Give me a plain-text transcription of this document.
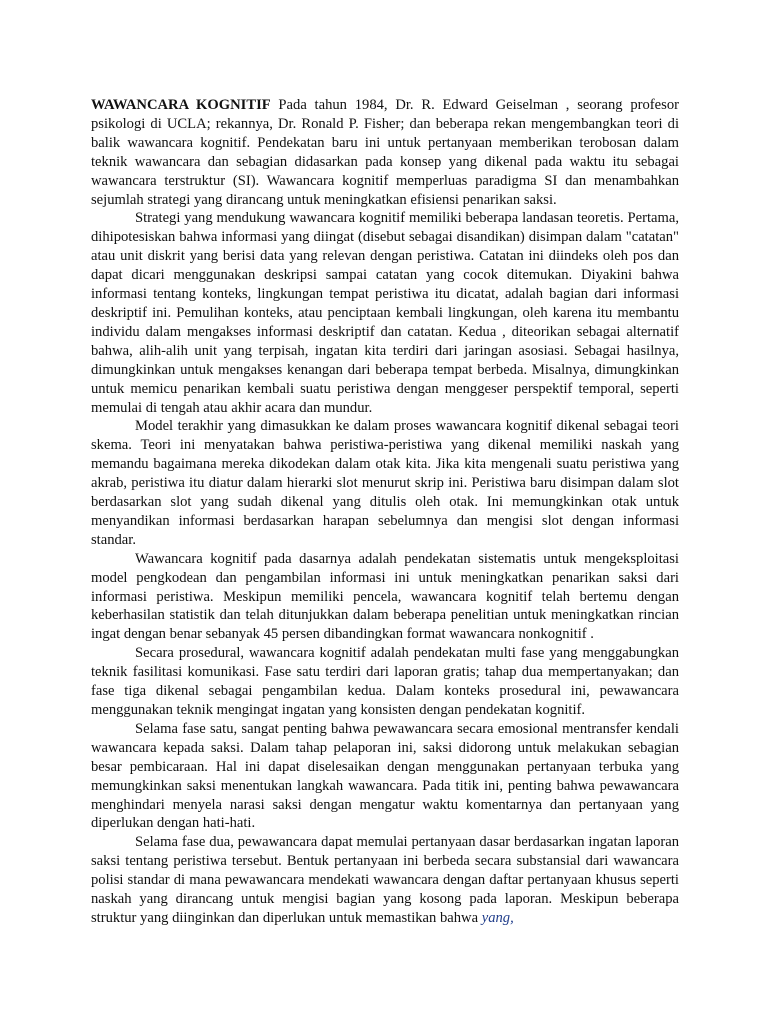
WAWANCARA KOGNITIF Pada tahun 1984, Dr. R. Edward Geiselman , seorang profesor psikologi di UCLA; rekannya, Dr. Ronald P. Fisher; dan beberapa rekan mengembangkan teori di balik wawancara kognitif. Pendekatan baru ini untuk pertanyaan memberikan terobosan dalam teknik wawancara dan sebagian didasarkan pada konsep yang dikenal pada waktu itu sebagai wawancara terstruktur (SI). Wawancara kognitif memperluas paradigma SI dan menambahkan sejumlah strategi yang dirancang untuk meningkatkan efisiensi penarikan saksi.

Strategi yang mendukung wawancara kognitif memiliki beberapa landasan teoretis. Pertama, dihipotesiskan bahwa informasi yang diingat (disebut sebagai disandikan) disimpan dalam "catatan" atau unit diskrit yang berisi data yang relevan dengan peristiwa. Catatan ini diindeks oleh pos dan dapat dicari menggunakan deskripsi sampai catatan yang cocok ditemukan. Diyakini bahwa informasi tentang konteks, lingkungan tempat peristiwa itu dicatat, adalah bagian dari informasi deskriptif ini. Pemulihan konteks, atau penciptaan kembali lingkungan, oleh karena itu membantu individu dalam mengakses informasi deskriptif dan catatan. Kedua , diteorikan sebagai alternatif bahwa, alih-alih unit yang terpisah, ingatan kita terdiri dari jaringan asosiasi. Sebagai hasilnya, dimungkinkan untuk mengakses kenangan dari beberapa tempat berbeda. Misalnya, dimungkinkan untuk memicu penarikan kembali suatu peristiwa dengan menggeser perspektif temporal, seperti memulai di tengah atau akhir acara dan mundur.

Model terakhir yang dimasukkan ke dalam proses wawancara kognitif dikenal sebagai teori skema. Teori ini menyatakan bahwa peristiwa-peristiwa yang dikenal memiliki naskah yang memandu bagaimana mereka dikodekan dalam otak kita. Jika kita mengenali suatu peristiwa yang akrab, peristiwa itu diatur dalam hierarki slot menurut skrip ini. Peristiwa baru disimpan dalam slot berdasarkan slot yang sudah dikenal yang ditulis oleh otak. Ini memungkinkan otak untuk menyandikan informasi berdasarkan harapan sebelumnya dan mengisi slot dengan informasi standar.

Wawancara kognitif pada dasarnya adalah pendekatan sistematis untuk mengeksploitasi model pengkodean dan pengambilan informasi ini untuk meningkatkan penarikan saksi dari informasi peristiwa. Meskipun memiliki pencela, wawancara kognitif telah bertemu dengan keberhasilan statistik dan telah ditunjukkan dalam beberapa penelitian untuk meningkatkan rincian ingat dengan benar sebanyak 45 persen dibandingkan format wawancara nonkognitif .

Secara prosedural, wawancara kognitif adalah pendekatan multi fase yang menggabungkan teknik fasilitasi komunikasi. Fase satu terdiri dari laporan gratis; tahap dua mempertanyakan; dan fase tiga dikenal sebagai pengambilan kedua. Dalam konteks prosedural ini, pewawancara menggunakan teknik mengingat ingatan yang konsisten dengan pendekatan kognitif.

Selama fase satu, sangat penting bahwa pewawancara secara emosional mentransfer kendali wawancara kepada saksi. Dalam tahap pelaporan ini, saksi didorong untuk melakukan sebagian besar pembicaraan. Hal ini dapat diselesaikan dengan menggunakan pertanyaan terbuka yang memungkinkan saksi menentukan langkah wawancara. Pada titik ini, penting bahwa pewawancara menghindari menyela narasi saksi dengan mengatur waktu komentarnya dan pertanyaan yang diperlukan dengan hati-hati.

Selama fase dua, pewawancara dapat memulai pertanyaan dasar berdasarkan ingatan laporan saksi tentang peristiwa tersebut. Bentuk pertanyaan ini berbeda secara substansial dari wawancara polisi standar di mana pewawancara mendekati wawancara dengan daftar pertanyaan khusus seperti naskah yang dirancang untuk mengisi bagian yang kosong pada laporan. Meskipun beberapa struktur yang diinginkan dan diperlukan untuk memastikan bahwa yang,
